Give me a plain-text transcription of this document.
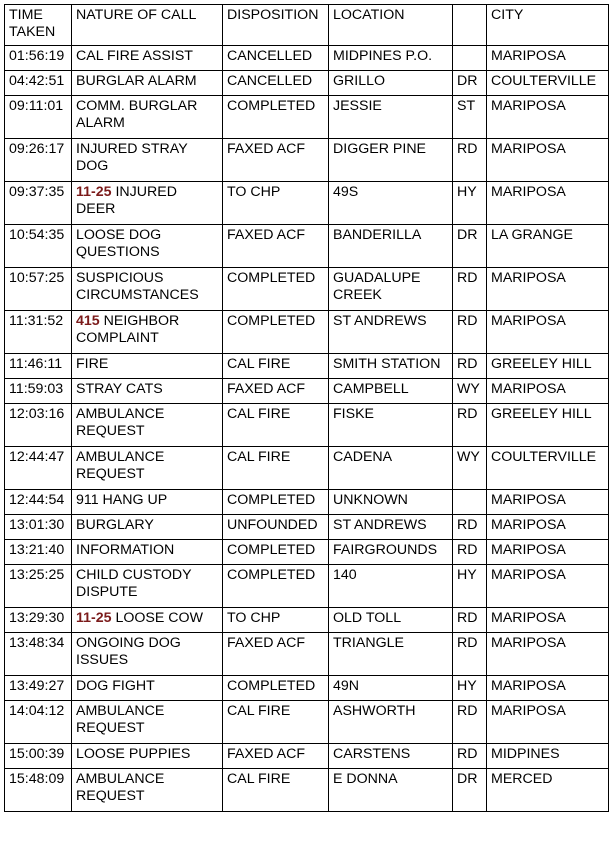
TIME TAKEN	NATURE OF CALL	DISPOSITION	LOCATION		CITY
01:56:19	CAL FIRE ASSIST	CANCELLED	MIDPINES P.O.		MARIPOSA
04:42:51	BURGLAR ALARM	CANCELLED	GRILLO	DR	COULTERVILLE
09:11:01	COMM. BURGLAR ALARM	COMPLETED	JESSIE	ST	MARIPOSA
09:26:17	INJURED STRAY DOG	FAXED ACF	DIGGER PINE	RD	MARIPOSA
09:37:35	11-25 INJURED DEER	TO CHP	49S	HY	MARIPOSA
10:54:35	LOOSE DOG QUESTIONS	FAXED ACF	BANDERILLA	DR	LA GRANGE
10:57:25	SUSPICIOUS CIRCUMSTANCES	COMPLETED	GUADALUPE CREEK	RD	MARIPOSA
11:31:52	415 NEIGHBOR COMPLAINT	COMPLETED	ST ANDREWS	RD	MARIPOSA
11:46:11	FIRE	CAL FIRE	SMITH STATION	RD	GREELEY HILL
11:59:03	STRAY CATS	FAXED ACF	CAMPBELL	WY	MARIPOSA
12:03:16	AMBULANCE REQUEST	CAL FIRE	FISKE	RD	GREELEY HILL
12:44:47	AMBULANCE REQUEST	CAL FIRE	CADENA	WY	COULTERVILLE
12:44:54	911 HANG UP	COMPLETED	UNKNOWN		MARIPOSA
13:01:30	BURGLARY	UNFOUNDED	ST ANDREWS	RD	MARIPOSA
13:21:40	INFORMATION	COMPLETED	FAIRGROUNDS	RD	MARIPOSA
13:25:25	CHILD CUSTODY DISPUTE	COMPLETED	140	HY	MARIPOSA
13:29:30	11-25 LOOSE COW	TO CHP	OLD TOLL	RD	MARIPOSA
13:48:34	ONGOING DOG ISSUES	FAXED ACF	TRIANGLE	RD	MARIPOSA
13:49:27	DOG FIGHT	COMPLETED	49N	HY	MARIPOSA
14:04:12	AMBULANCE REQUEST	CAL FIRE	ASHWORTH	RD	MARIPOSA
15:00:39	LOOSE PUPPIES	FAXED ACF	CARSTENS	RD	MIDPINES
15:48:09	AMBULANCE REQUEST	CAL FIRE	E DONNA	DR	MERCED
